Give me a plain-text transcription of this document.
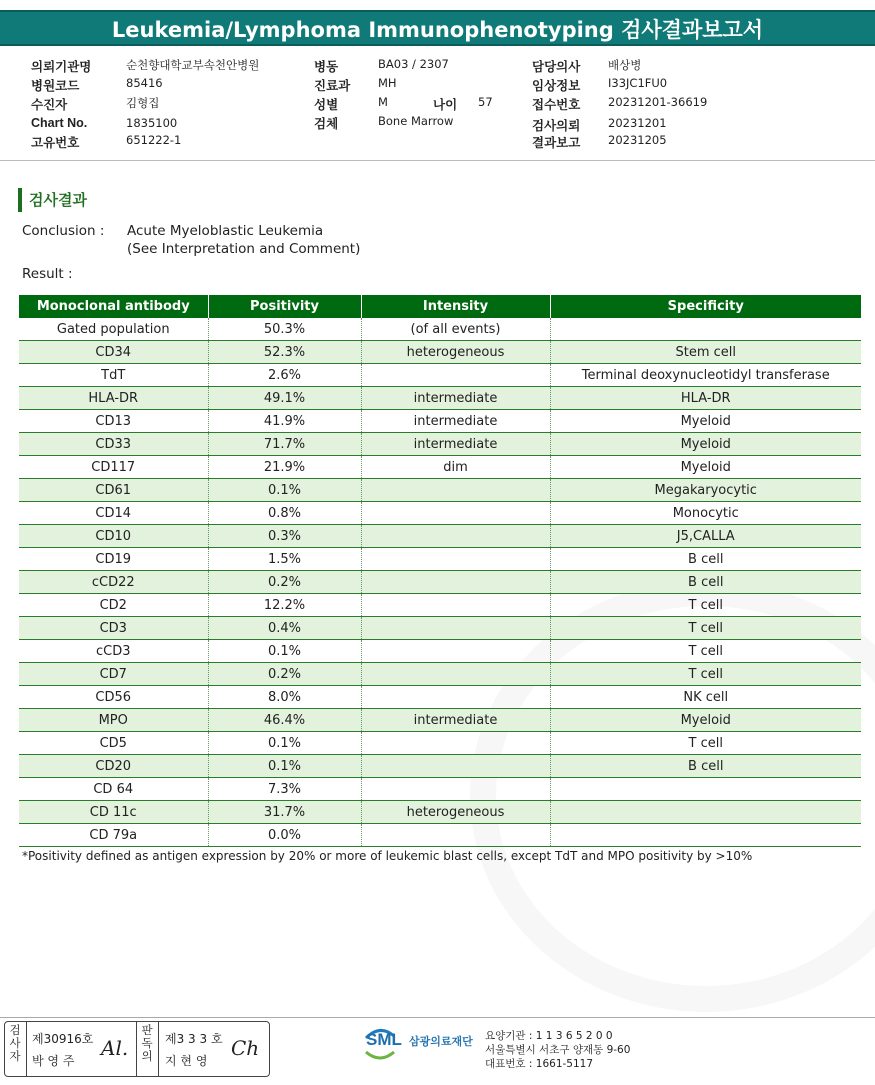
Leukemia/Lymphoma Immunophenotyping 검사결과보고서
의뢰기관명	순천향대학교부속천안병원
병원코드	85416
수진자	김형집
Chart No.	1835100
고유번호	651222-1
병동	BA03 / 2307
진료과 MH
성별	M	나이 57
검체	Bone Marrow
담당의사 배상병
임상정보 I33JC1FU0
접수번호 20231201-36619
검사의뢰 20231201
결과보고 20231205
검사결과
Conclusion : Acute Myeloblastic Leukemia
(See Interpretation and Comment)
Result :
Monoclonal antibody	Positivity	Intensity	Specificity
Gated population	50.3%	(of all events)	
CD34	52.3%	heterogeneous	Stem cell
TdT	2.6%		Terminal deoxynucleotidyl transferase
HLA-DR	49.1%	intermediate	HLA-DR
CD13	41.9%	intermediate	Myeloid
CD33	71.7%	intermediate	Myeloid
CD117	21.9%	dim	Myeloid
CD61	0.1%		Megakaryocytic
CD14	0.8%		Monocytic
CD10	0.3%		J5,CALLA
CD19	1.5%		B cell
cCD22	0.2%		B cell
CD2	12.2%		T cell
CD3	0.4%		T cell
cCD3	0.1%		T cell
CD7	0.2%		T cell
CD56	8.0%		NK cell
MPO	46.4%	intermediate	Myeloid
CD5	0.1%		T cell
CD20	0.1%		B cell
CD 64	7.3%		
CD 11c	31.7%	heterogeneous	
CD 79a	0.0%		
*Positivity defined as antigen expression by 20% or more of leukemic blast cells, except TdT and MPO positivity by >10%
검사자
제30916호
박 영 주
Al.
판독의
제3 3 3 호
지 현 영
Ch	SML 삼광의료재단 요양기관 : 1 1 3 6 5 2 0 0
서울특별시 서초구 양재동 9-60
대표번호 : 1661-5117
